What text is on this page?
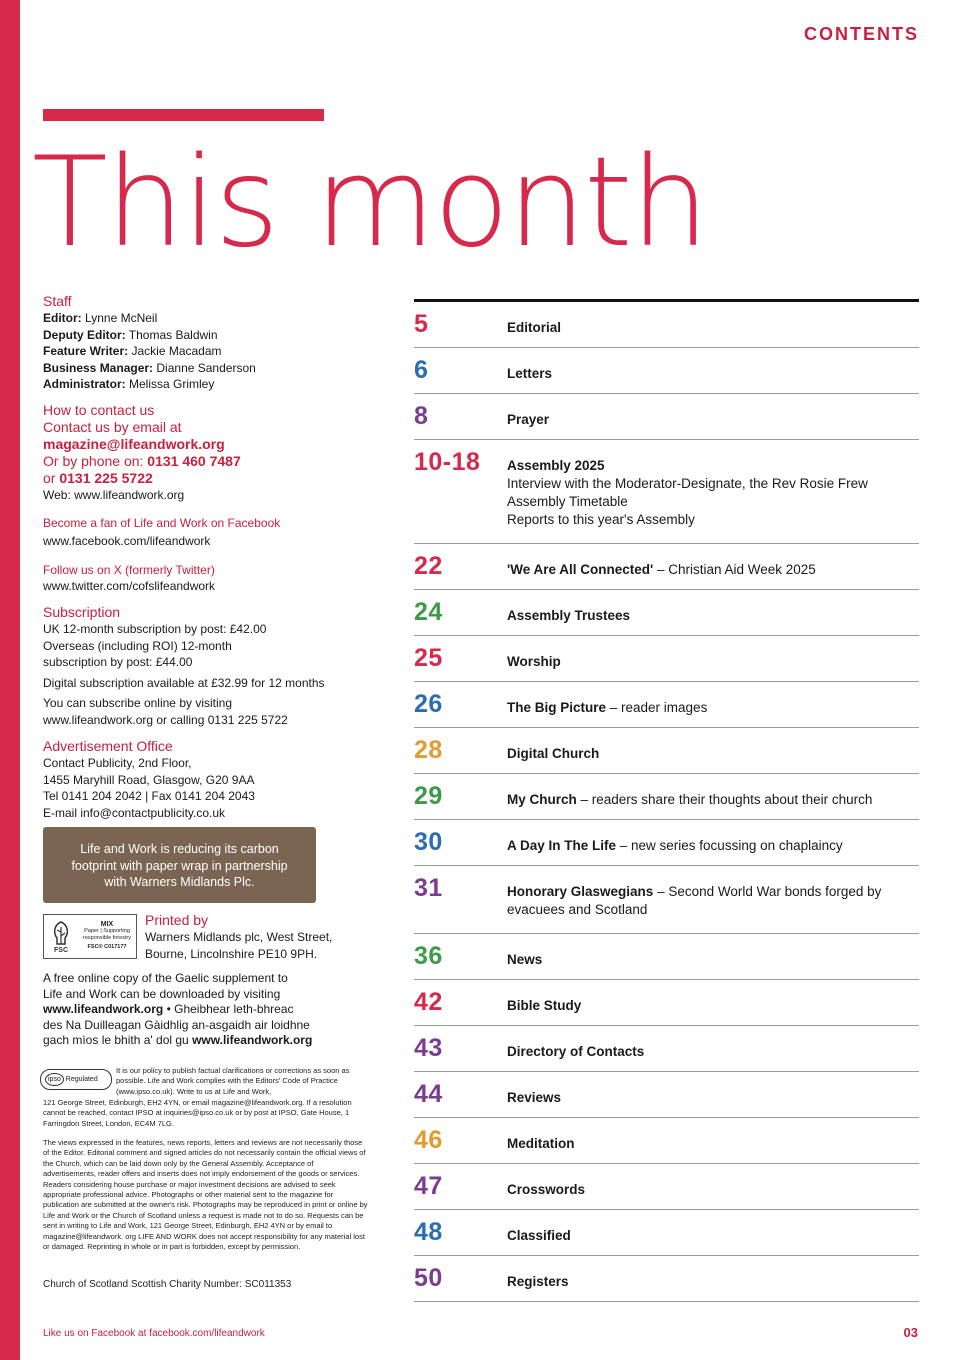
CONTENTS
This month
Staff
Editor: Lynne McNeil
Deputy Editor: Thomas Baldwin
Feature Writer: Jackie Macadam
Business Manager: Dianne Sanderson
Administrator: Melissa Grimley
How to contact us
Contact us by email at
magazine@lifeandwork.org
Or by phone on: 0131 460 7487
or 0131 225 5722
Web: www.lifeandwork.org
Become a fan of Life and Work on Facebook
www.facebook.com/lifeandwork
Follow us on X (formerly Twitter)
www.twitter.com/cofslifeandwork
Subscription
UK 12-month subscription by post: £42.00
Overseas (including ROI) 12-month
subscription by post: £44.00
Digital subscription available at £32.99 for 12 months
You can subscribe online by visiting
www.lifeandwork.org or calling 0131 225 5722
Advertisement Office
Contact Publicity, 2nd Floor,
1455 Maryhill Road, Glasgow, G20 9AA
Tel 0141 204 2042 | Fax 0141 204 2043
E-mail info@contactpublicity.co.uk
Life and Work is reducing its carbon
footprint with paper wrap in partnership
with Warners Midlands Plc.
FSC
MIX
Paper | Supporting
responsible forestry
FSC® C017177
Printed by
Warners Midlands plc, West Street,
Bourne, Lincolnshire PE10 9PH.
A free online copy of the Gaelic supplement to
Life and Work can be downloaded by visiting
www.lifeandwork.org • Gheibhear leth-bhreac
des Na Duilleagan Gàidhlig an-asgaidh air loidhne
gach mìos le bhith a' dol gu www.lifeandwork.org
ipso Regulated
It is our policy to publish factual clarifications or corrections as soon as possible. Life and Work complies with the Editors' Code of Practice (www.ipso.co.uk). Write to us at Life and Work,
121 George Street, Edinburgh, EH2 4YN, or email magazine@lifeandwork.org. If a resolution cannot be reached, contact IPSO at inquiries@ipso.co.uk or by post at IPSO, Gate House, 1 Farringdon Street, London, EC4M 7LG.
The views expressed in the features, news reports, letters and reviews are not necessarily those of the Editor. Editorial comment and signed articles do not necessarily contain the official views of the Church, which can be laid down only by the General Assembly. Acceptance of advertisements, reader offers and inserts does not imply endorsement of the goods or services. Readers considering house purchase or major investment decisions are advised to seek appropriate professional advice. Photographs or other material sent to the magazine for publication are submitted at the owner's risk. Photographs may be reproduced in print or online by Life and Work or the Church of Scotland unless a request is made not to do so. Requests can be sent in writing to Life and Work, 121 George Street, Edinburgh, EH2 4YN or by email to magazine@lifeandwork. org LIFE AND WORK does not accept responsibility for any material lost or damaged. Reprinting in whole or in part is forbidden, except by permission.
Church of Scotland Scottish Charity Number: SC011353
5	Editorial
6	Letters
8	Prayer
10-18 Assembly 2025
Interview with the Moderator-Designate, the Rev Rosie Frew
Assembly Timetable
Reports to this year's Assembly
22	'We Are All Connected' – Christian Aid Week 2025
24	Assembly Trustees
25	Worship
26	The Big Picture – reader images
28	Digital Church
29	My Church – readers share their thoughts about their church
30	A Day In The Life – new series focussing on chaplaincy
31	Honorary Glaswegians – Second World War bonds forged by
evacuees and Scotland
36	News
42	Bible Study
43	Directory of Contacts
44	Reviews
46	Meditation
47	Crosswords
48	Classified
50	Registers
Like us on Facebook at facebook.com/lifeandwork	03
